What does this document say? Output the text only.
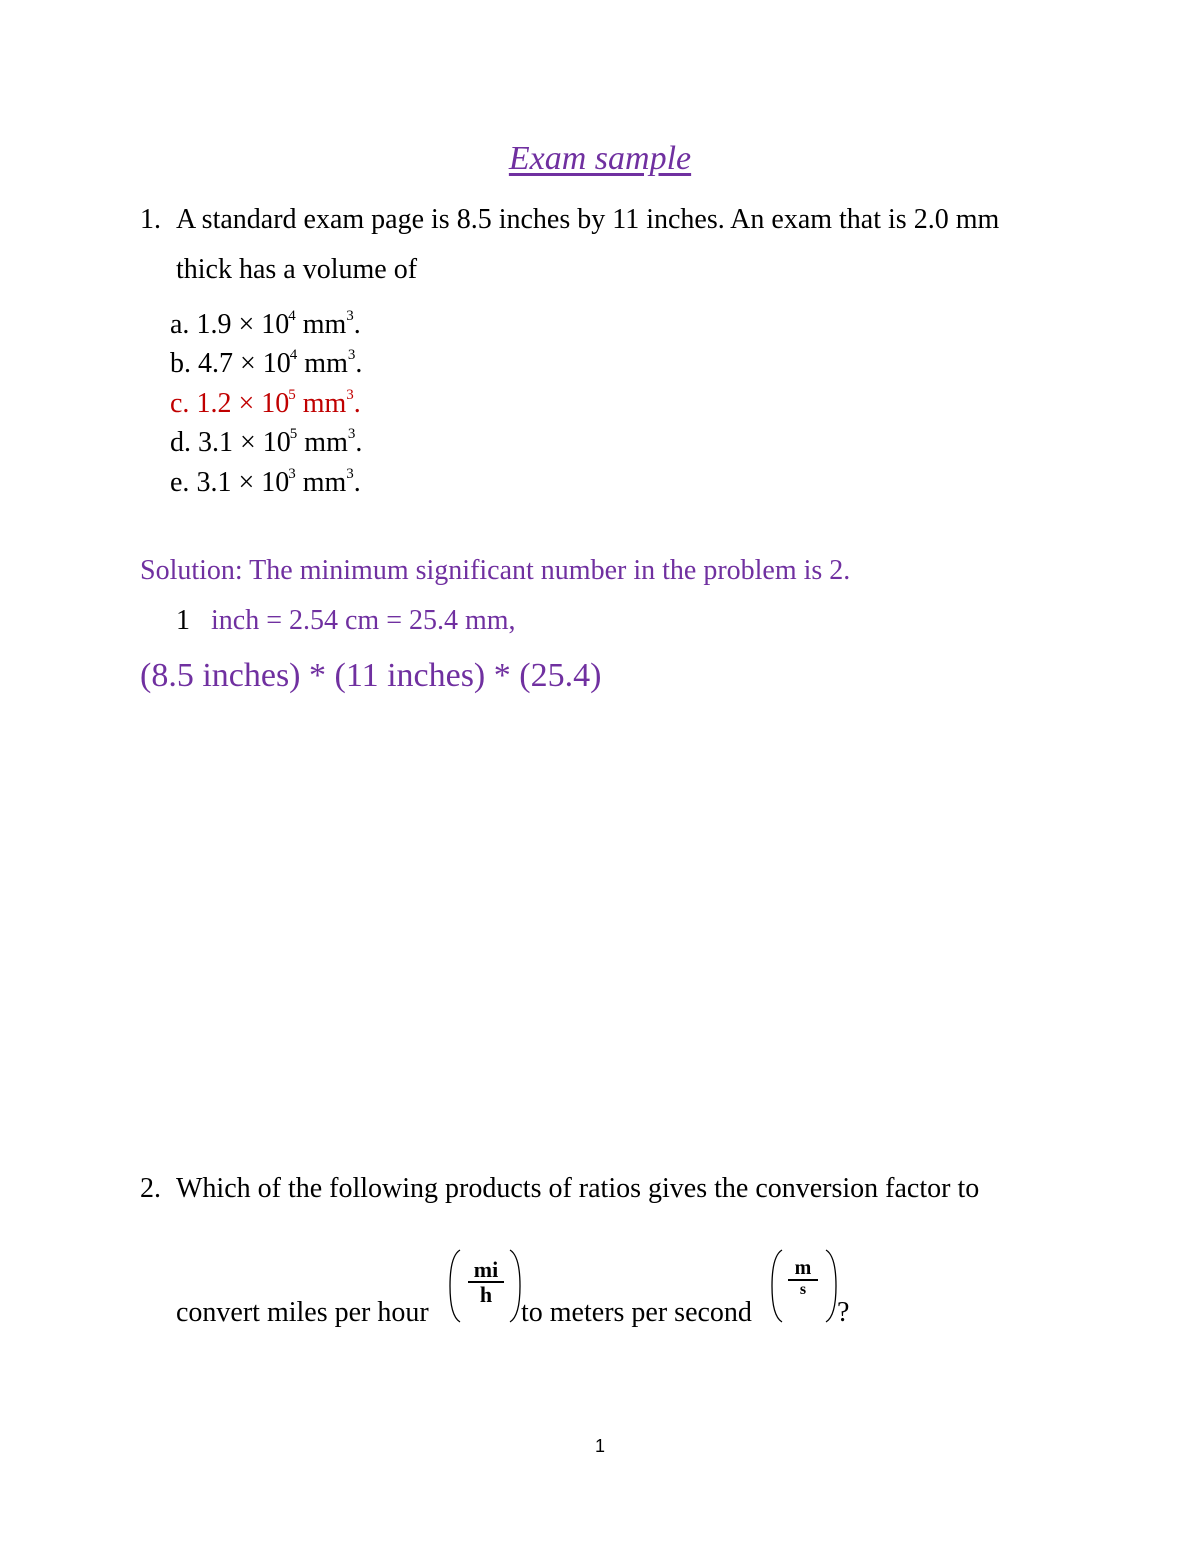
Exam sample
1. A standard exam page is 8.5 inches by 11 inches. An exam that is 2.0 mm
thick has a volume of
a. $1.9 \times 10^4$ $mm^3$.
b. $4.7 \times 10^4$ $mm^3$.
c. $1.2 \times 10^5$ $mm^3$.
d. $3.1 \times 10^5$ $mm^3$.
e. $3.1 \times 10^3$ $mm^3$.
Solution: The minimum significant number in the problem is 2.
1 inch = 2.54 cm = 25.4 mm,
(8.5 inches) * (11 inches) * (25.4)
2. Which of the following products of ratios gives the conversion factor to
convert miles per hour
$\frac{mi}{h}$
to meters per second
m
s
?
1
